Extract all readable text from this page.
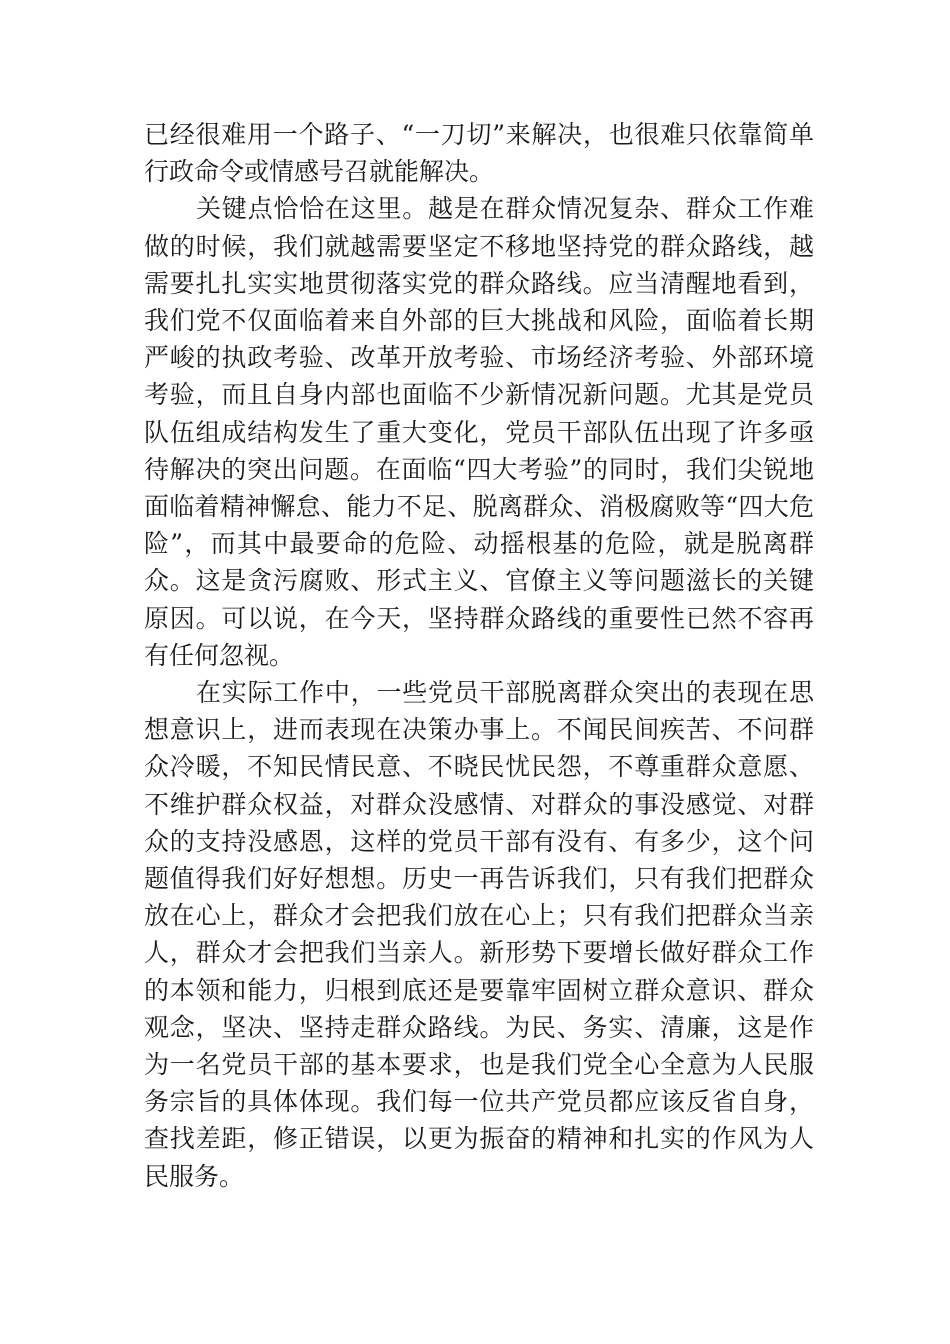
已经很难用一个路子、“一刀切”来解决，也很难只依靠简单行政命令或情感号召就能解决。

关键点恰恰在这里。越是在群众情况复杂、群众工作难做的时候，我们就越需要坚定不移地坚持党的群众路线，越需要扎扎实实地贯彻落实党的群众路线。应当清醒地看到，我们党不仅面临着来自外部的巨大挑战和风险，面临着长期严峻的执政考验、改革开放考验、市场经济考验、外部环境考验，而且自身内部也面临不少新情况新问题。尤其是党员队伍组成结构发生了重大变化，党员干部队伍出现了许多亟待解决的突出问题。在面临“四大考验”的同时，我们尖锐地面临着精神懈怠、能力不足、脱离群众、消极腐败等“四大危险”，而其中最要命的危险、动摇根基的危险，就是脱离群众。这是贪污腐败、形式主义、官僚主义等问题滋长的关键原因。可以说，在今天，坚持群众路线的重要性已然不容再有任何忽视。

在实际工作中，一些党员干部脱离群众突出的表现在思想意识上，进而表现在决策办事上。不闻民间疾苦、不问群众冷暖，不知民情民意、不晓民忧民怨，不尊重群众意愿、不维护群众权益，对群众没感情、对群众的事没感觉、对群众的支持没感恩，这样的党员干部有没有、有多少，这个问题值得我们好好想想。历史一再告诉我们，只有我们把群众放在心上，群众才会把我们放在心上；只有我们把群众当亲人，群众才会把我们当亲人。新形势下要增长做好群众工作的本领和能力，归根到底还是要靠牢固树立群众意识、群众观念，坚决、坚持走群众路线。为民、务实、清廉，这是作为一名党员干部的基本要求，也是我们党全心全意为人民服务宗旨的具体体现。我们每一位共产党员都应该反省自身，查找差距，修正错误，以更为振奋的精神和扎实的作风为人民服务。
